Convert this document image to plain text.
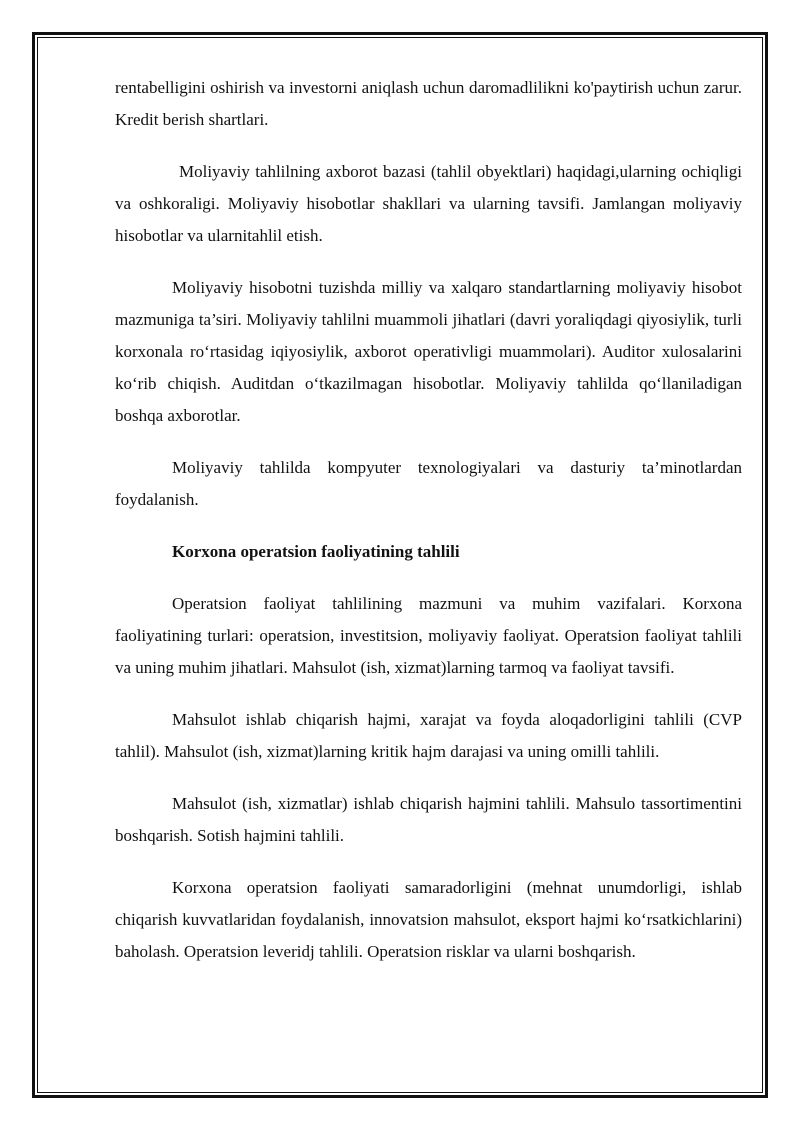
rentabelligini oshirish va investorni aniqlash uchun daromadlilikni ko'paytirish uchun zarur. Kredit berish shartlari.

Moliyaviy tahlilning axborot bazasi (tahlil obyektlari) haqidagi,ularning ochiqligi va oshkoraligi. Moliyaviy hisobotlar shakllari va ularning tavsifi. Jamlangan moliyaviy hisobotlar va ularnitahlil etish.

Moliyaviy hisobotni tuzishda milliy va xalqaro standartlarning moliyaviy hisobot mazmuniga ta’siri. Moliyaviy tahlilni muammoli jihatlari (davri yoraliqdagi qiyosiylik, turli korxonala ro‘rtasidag iqiyosiylik, axborot operativligi muammolari). Auditor xulosalarini ko‘rib chiqish. Auditdan o‘tkazilmagan hisobotlar. Moliyaviy tahlilda qo‘llaniladigan boshqa axborotlar.

Moliyaviy tahlilda kompyuter texnologiyalari va dasturiy ta’minotlardan foydalanish.

Korxona operatsion faoliyatining tahlili

Operatsion faoliyat tahlilining mazmuni va muhim vazifalari. Korxona faoliyatining turlari: operatsion, investitsion, moliyaviy faoliyat. Operatsion faoliyat tahlili va uning muhim jihatlari. Mahsulot (ish, xizmat)larning tarmoq va faoliyat tavsifi.

Mahsulot ishlab chiqarish hajmi, xarajat va foyda aloqadorligini tahlili (CVP tahlil). Mahsulot (ish, xizmat)larning kritik hajm darajasi va uning omilli tahlili.

Mahsulot (ish, xizmatlar) ishlab chiqarish hajmini tahlili. Mahsulo tassortimentini boshqarish. Sotish hajmini tahlili.

Korxona operatsion faoliyati samaradorligini (mehnat unumdorligi, ishlab chiqarish kuvvatlaridan foydalanish, innovatsion mahsulot, eksport hajmi ko‘rsatkichlarini) baholash. Operatsion leveridj tahlili. Operatsion risklar va ularni boshqarish.
